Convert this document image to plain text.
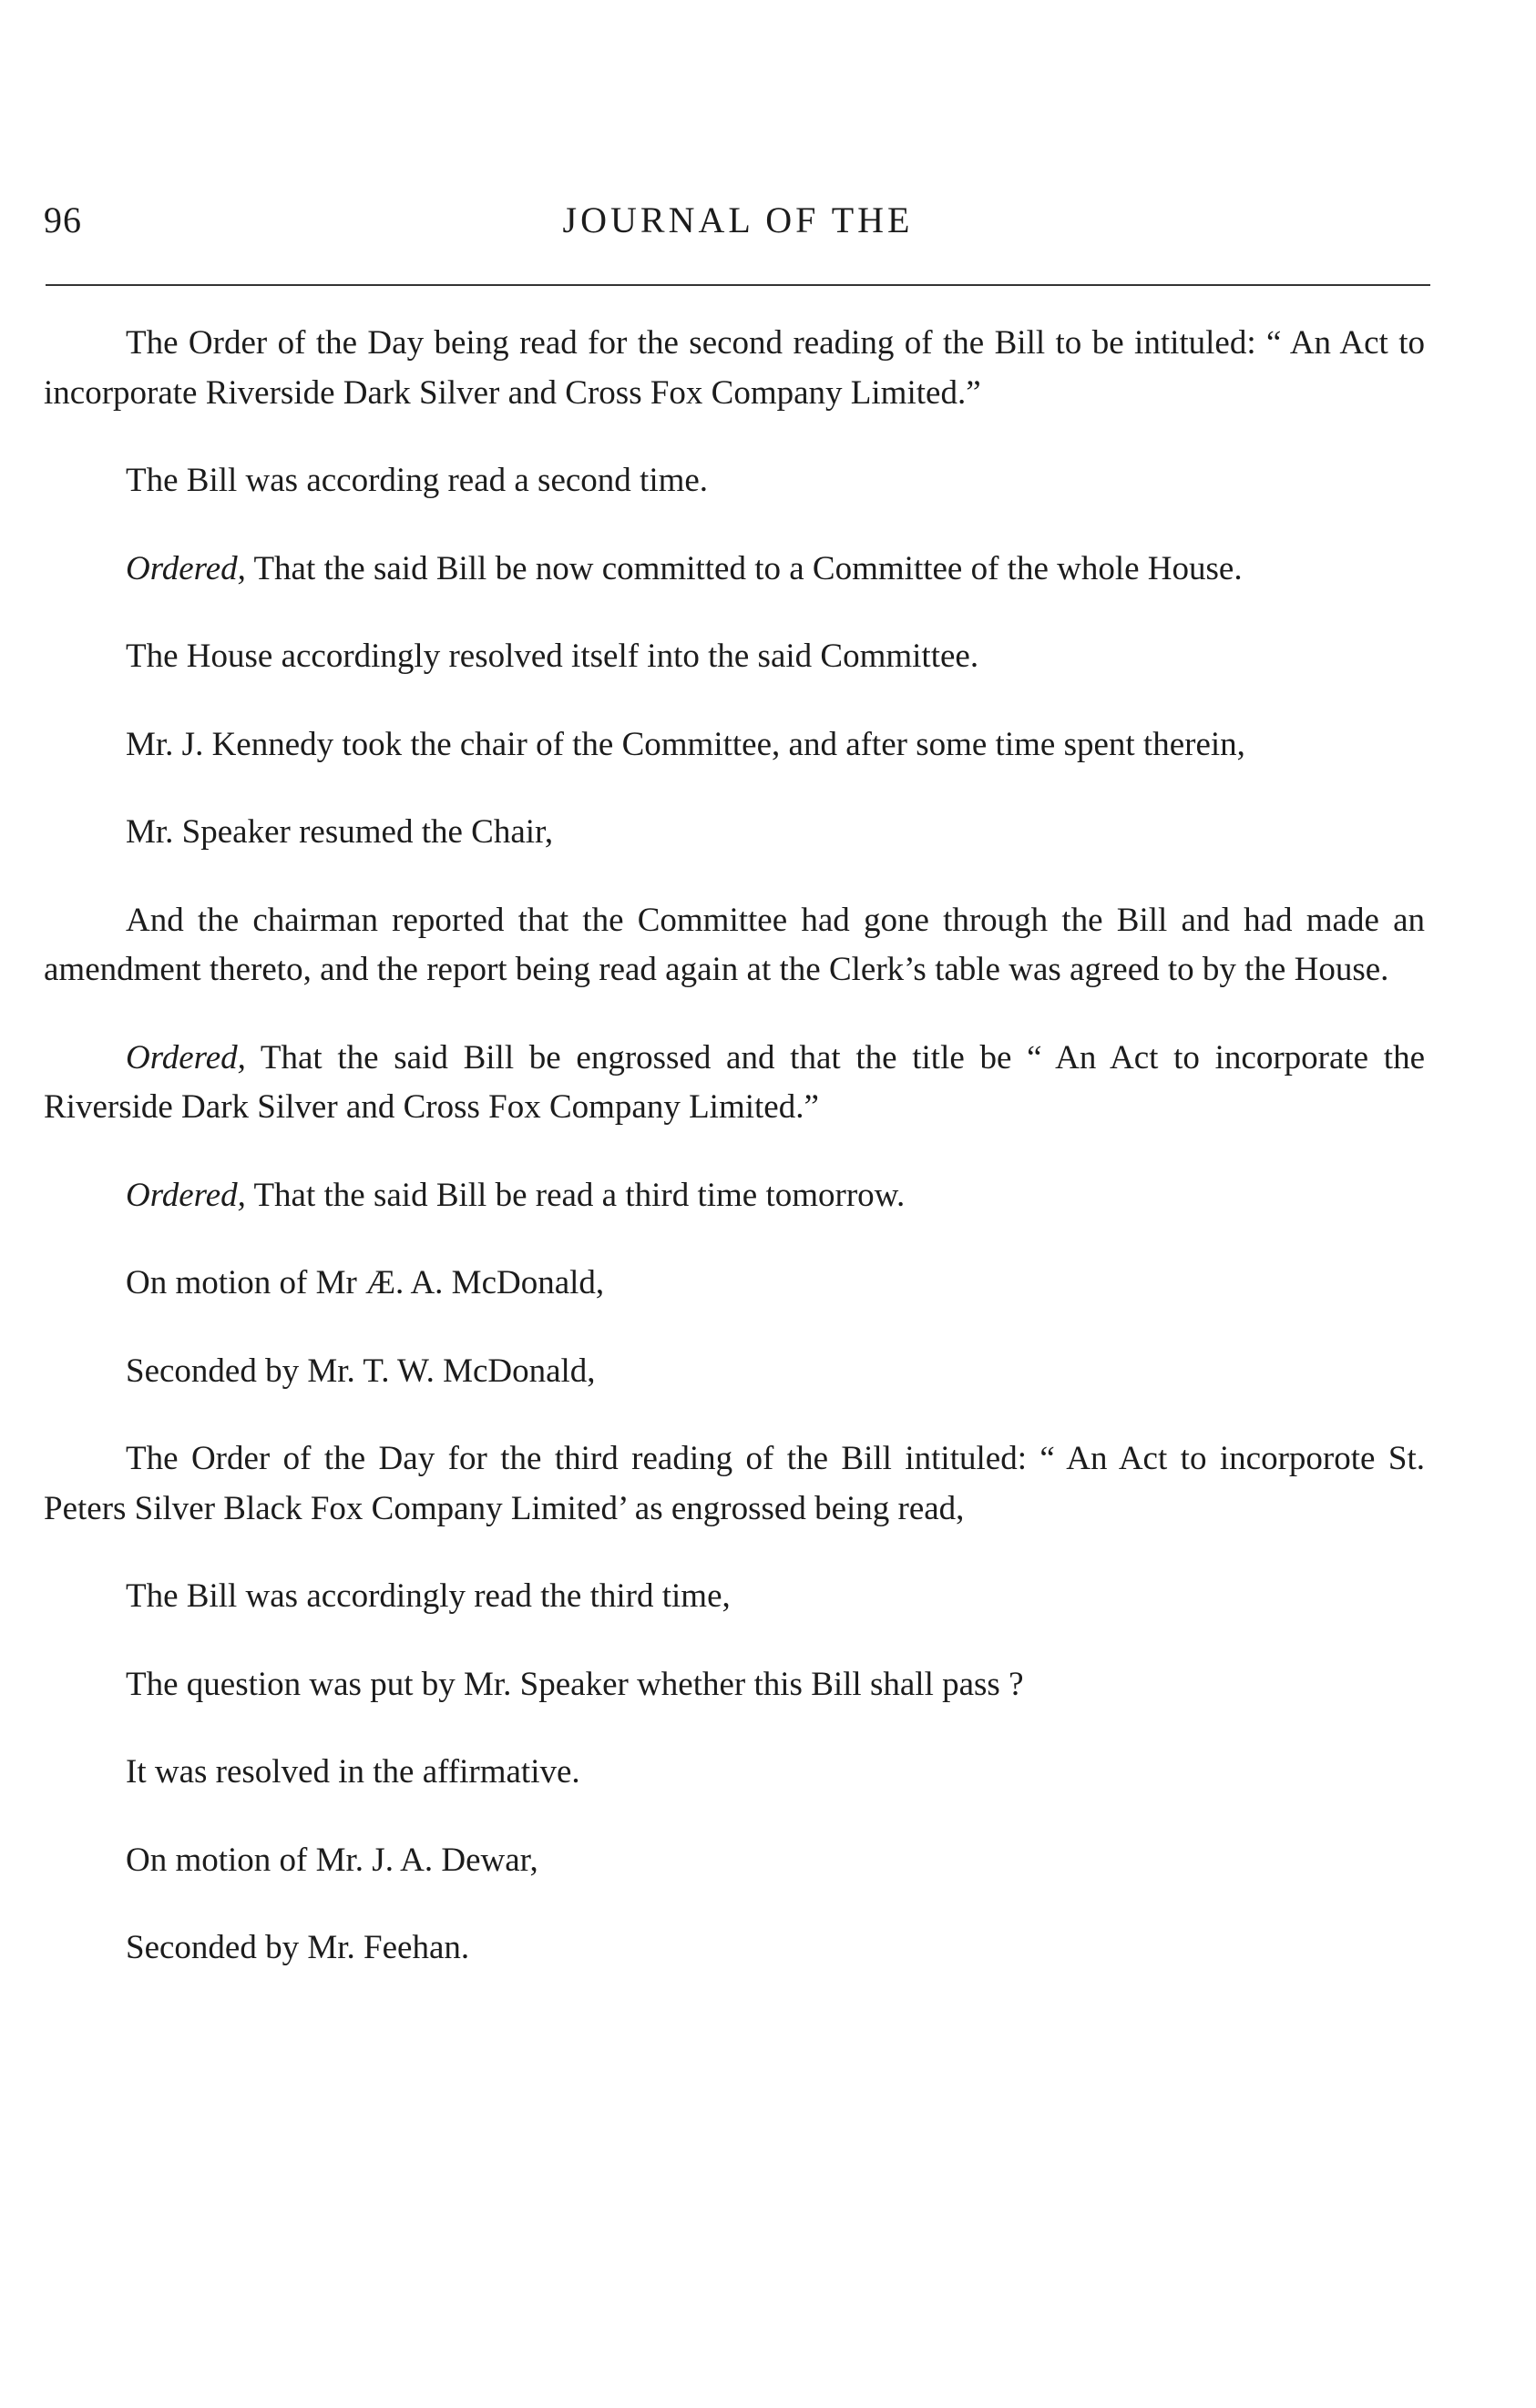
96	JOURNAL OF THE

The Order of the Day being read for the second reading of the Bill to be intituled: “ An Act to incorporate Riverside Dark Silver and Cross Fox Company Limited.”

The Bill was according read a second time.

Ordered, That the said Bill be now committed to a Committee of the whole House.

The House accordingly resolved itself into the said Committee.

Mr. J. Kennedy took the chair of the Committee, and after some time spent therein,

Mr. Speaker resumed the Chair,

And the chairman reported that the Committee had gone through the Bill and had made an amendment thereto, and the report being read again at the Clerk’s table was agreed to by the House.

Ordered, That the said Bill be engrossed and that the title be “ An Act to incorporate the Riverside Dark Silver and Cross Fox Company Limited.”

Ordered, That the said Bill be read a third time tomorrow.

On motion of Mr Æ. A. McDonald,

Seconded by Mr. T. W. McDonald,

The Order of the Day for the third reading of the Bill intituled: “ An Act to incorporote St. Peters Silver Black Fox Company Limited’ as engrossed being read,

The Bill was accordingly read the third time,

The question was put by Mr. Speaker whether this Bill shall pass ?

It was resolved in the affirmative.

On motion of Mr. J. A. Dewar,

Seconded by Mr. Feehan.
